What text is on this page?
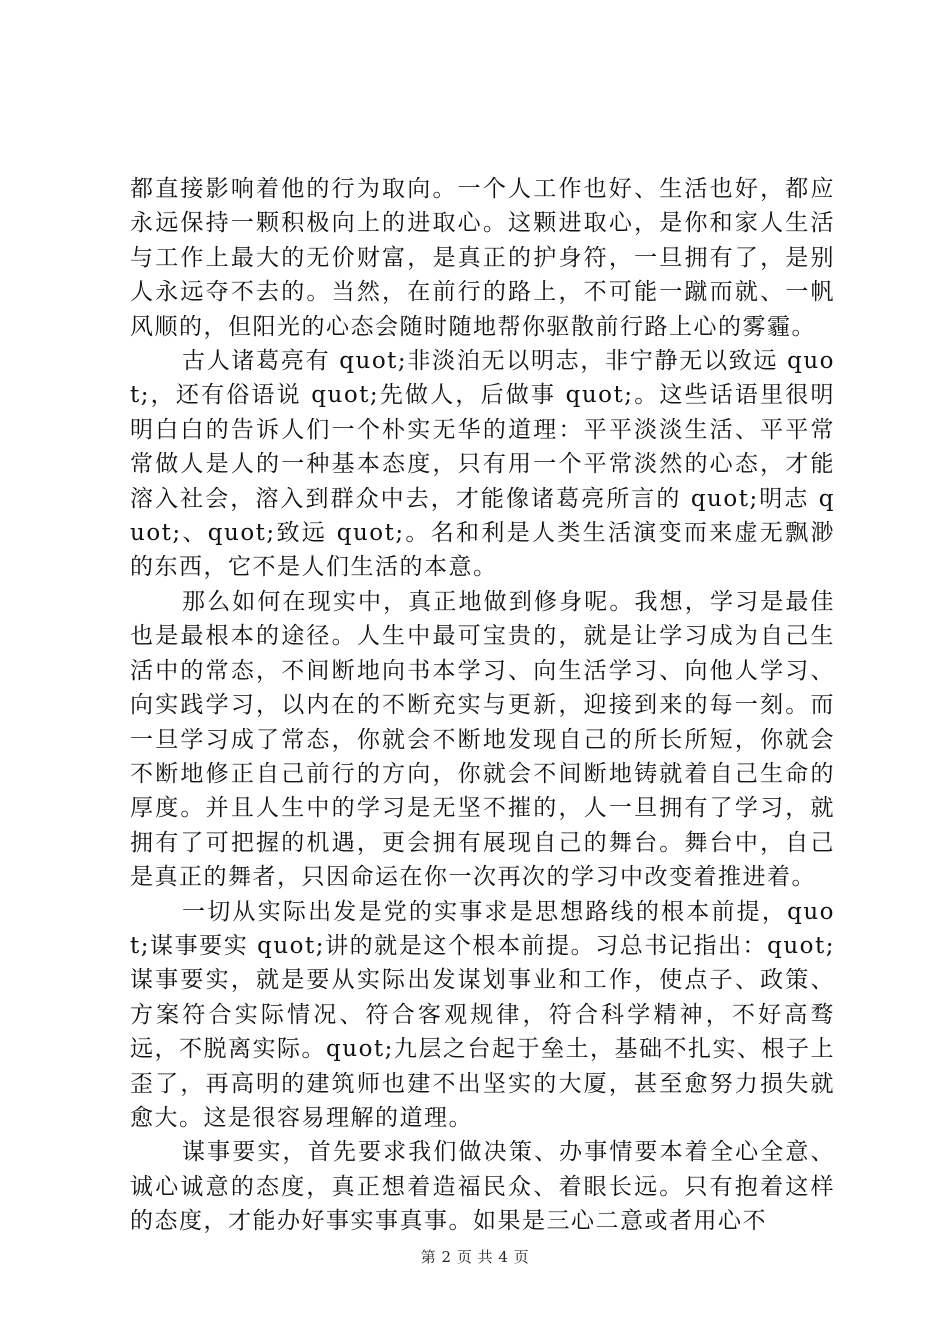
都直接影响着他的行为取向。一个人工作也好、生活也好，都应永远保持一颗积极向上的进取心。这颗进取心，是你和家人生活与工作上最大的无价财富，是真正的护身符，一旦拥有了，是别人永远夺不去的。当然，在前行的路上，不可能一蹴而就、一帆风顺的，但阳光的心态会随时随地帮你驱散前行路上心的雾霾。

古人诸葛亮有 quot;非淡泊无以明志，非宁静无以致远 quot;，还有俗语说 quot;先做人，后做事 quot;。这些话语里很明明白白的告诉人们一个朴实无华的道理：平平淡淡生活、平平常常做人是人的一种基本态度，只有用一个平常淡然的心态，才能溶入社会，溶入到群众中去，才能像诸葛亮所言的 quot;明志 quot;、quot;致远 quot;。名和利是人类生活演变而来虚无飘渺的东西，它不是人们生活的本意。

那么如何在现实中，真正地做到修身呢。我想，学习是最佳也是最根本的途径。人生中最可宝贵的，就是让学习成为自己生活中的常态，不间断地向书本学习、向生活学习、向他人学习、向实践学习，以内在的不断充实与更新，迎接到来的每一刻。而一旦学习成了常态，你就会不断地发现自己的所长所短，你就会不断地修正自己前行的方向，你就会不间断地铸就着自己生命的厚度。并且人生中的学习是无坚不摧的，人一旦拥有了学习，就拥有了可把握的机遇，更会拥有展现自己的舞台。舞台中，自己是真正的舞者，只因命运在你一次再次的学习中改变着推进着。

一切从实际出发是党的实事求是思想路线的根本前提，quot;谋事要实 quot;讲的就是这个根本前提。习总书记指出：quot;谋事要实，就是要从实际出发谋划事业和工作，使点子、政策、方案符合实际情况、符合客观规律，符合科学精神，不好高骛远，不脱离实际。quot;九层之台起于垒土，基础不扎实、根子上歪了，再高明的建筑师也建不出坚实的大厦，甚至愈努力损失就愈大。这是很容易理解的道理。

谋事要实，首先要求我们做决策、办事情要本着全心全意、诚心诚意的态度，真正想着造福民众、着眼长远。只有抱着这样的态度，才能办好事实事真事。如果是三心二意或者用心不

第 2 页 共 4 页
